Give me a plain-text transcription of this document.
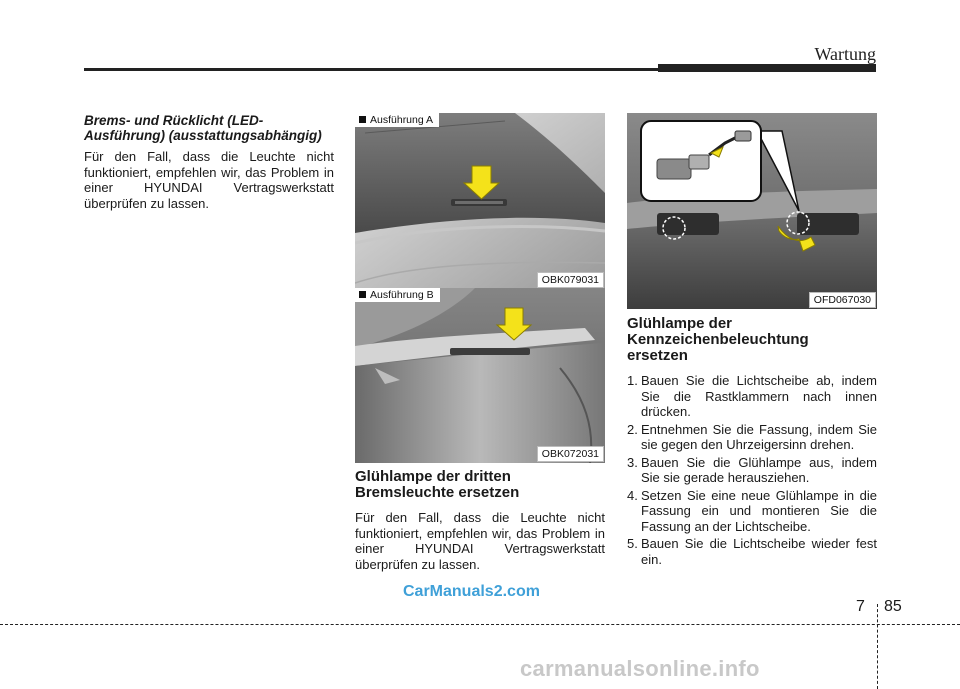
Wartung
Brems- und Rücklicht (LED-
Ausführung) (ausstattungsabhängig)
Für den Fall, dass die Leuchte nicht funktioniert, empfehlen wir, das Problem in einer HYUNDAI Vertragswerkstatt überprüfen zu lassen.
Ausführung A
OBK079031
Ausführung B
OBK072031
Glühlampe der dritten
Bremsleuchte ersetzen
Für den Fall, dass die Leuchte nicht funktioniert, empfehlen wir, das Problem in einer HYUNDAI Vertragswerkstatt überprüfen zu lassen.
OFD067030
Glühlampe der
Kennzeichenbeleuchtung
ersetzen
1. Bauen Sie die Lichtscheibe ab, indem Sie die Rastklammern nach innen drücken.
2. Entnehmen Sie die Fassung, indem Sie sie gegen den Uhrzeigersinn drehen.
3. Bauen Sie die Glühlampe aus, indem Sie sie gerade herausziehen.
4. Setzen Sie eine neue Glühlampe in die Fassung ein und montieren Sie die Fassung an der Lichtscheibe.
5. Bauen Sie die Lichtscheibe wieder fest ein.
CarManuals2.com
carmanualsonline.info
7 85
